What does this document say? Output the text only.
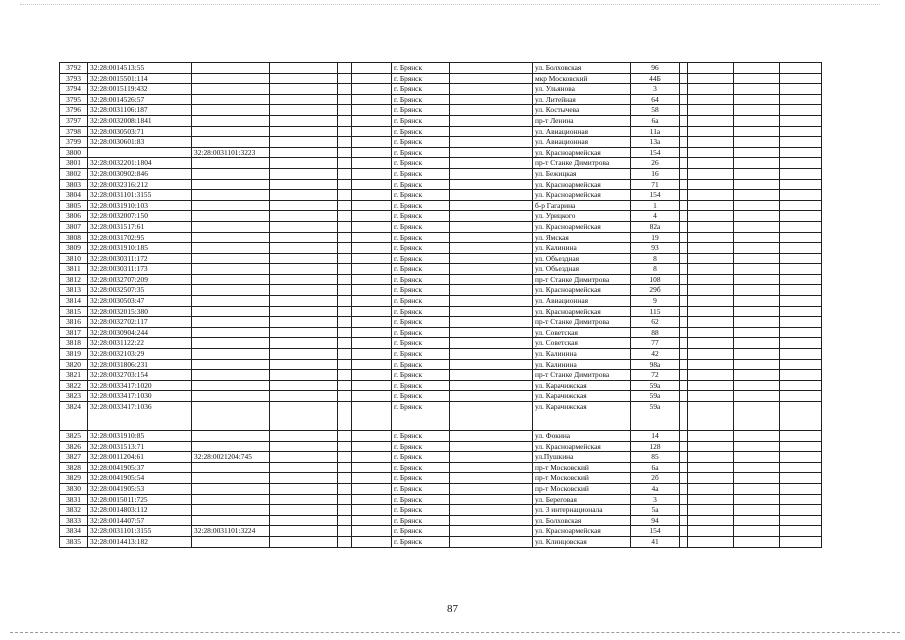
3792	32:28:0014513:55					г. Брянск		ул. Болховская	96				
3793	32:28:0015501:114					г. Брянск		мкр Московский	44Б				
3794	32:28:0015119:432					г. Брянск		ул. Ульянова	3				
3795	32:28:0014526:57					г. Брянск		ул. Литейная	64				
3796	32:28:0031106:187					г. Брянск		ул. Костычева	58				
3797	32:28:0032008:1841					г. Брянск		пр-т Ленина	6а				
3798	32:28:0030503:71					г. Брянск		ул. Авиационная	11а				
3799	32:28:0030601:83					г. Брянск		ул. Авиационная	13а				
3800		32:28:0031101:3223				г. Брянск		ул. Красноармейская	154				
3801	32:28:0032201:1804					г. Брянск		пр-т Станке Димитрова	26				
3802	32:28:0030902:846					г. Брянск		ул. Бежицкая	16				
3803	32:28:0032316:212					г. Брянск		ул. Красноармейская	71				
3804	32:28:0031101:3155					г. Брянск		ул. Красноармейская	154				
3805	32:28:0031910:103					г. Брянск		б-р Гагарина	1				
3806	32:28:0032007:150					г. Брянск		ул. Урицкого	4				
3807	32:28:0031517:61					г. Брянск		ул. Красноармейская	82а				
3808	32:28:0031702:95					г. Брянск		ул. Ямская	19				
3809	32:28:0031910:185					г. Брянск		ул. Калинина	93				
3810	32:28:0030311:172					г. Брянск		ул. Объездная	8				
3811	32:28:0030311:173					г. Брянск		ул. Объездная	8				
3812	32:28:0032707:209					г. Брянск		пр-т Станке Димитрова	108				
3813	32:28:0032507:35					г. Брянск		ул. Красноармейская	29б				
3814	32:28:0030503:47					г. Брянск		ул. Авиационная	9				
3815	32:28:0032015:380					г. Брянск		ул. Красноармейская	115				
3816	32:28:0032702:117					г. Брянск		пр-т Станке Димитрова	62				
3817	32:28:0030904:244					г. Брянск		ул. Советская	88				
3818	32:28:0031122:22					г. Брянск		ул. Советская	77				
3819	32:28:0032103:29					г. Брянск		ул. Калинина	42				
3820	32:28:0031806:231					г. Брянск		ул. Калинина	98а				
3821	32:28:0032703:154					г. Брянск		пр-т Станке Димитрова	72				
3822	32:28:0033417:1020					г. Брянск		ул. Карачижская	59а				
3823	32:28:0033417:1030					г. Брянск		ул. Карачижская	59а				
3824	32:28:0033417:1036					г. Брянск		ул. Карачижская	59а				
3825	32:28:0031910:85					г. Брянск		ул. Фокина	14				
3826	32:28:0031513:71					г. Брянск		ул. Красноармейская	128				
3827	32:28:0011204:61	32:28:0021204:745				г. Брянск		ул.Пушкина	85				
3828	32:28:0041905:37					г. Брянск		пр-т Московский	6а				
3829	32:28:0041905:54					г. Брянск		пр-т Московский	2б				
3830	32:28:0041905:53					г. Брянск		пр-т Московский	4а				
3831	32:28:0015011:725					г. Брянск		ул. Береговая	3				
3832	32:28:0014803:112					г. Брянск		ул. 3 интернационала	5а				
3833	32:28:0014407:57					г. Брянск		ул. Болховская	94				
3834	32:28:0031101:3155	32:28:0031101:3224				г. Брянск		ул. Красноармейская	154				
3835	32:28:0014413:182					г. Брянск		ул. Клинцовская	41				
87
